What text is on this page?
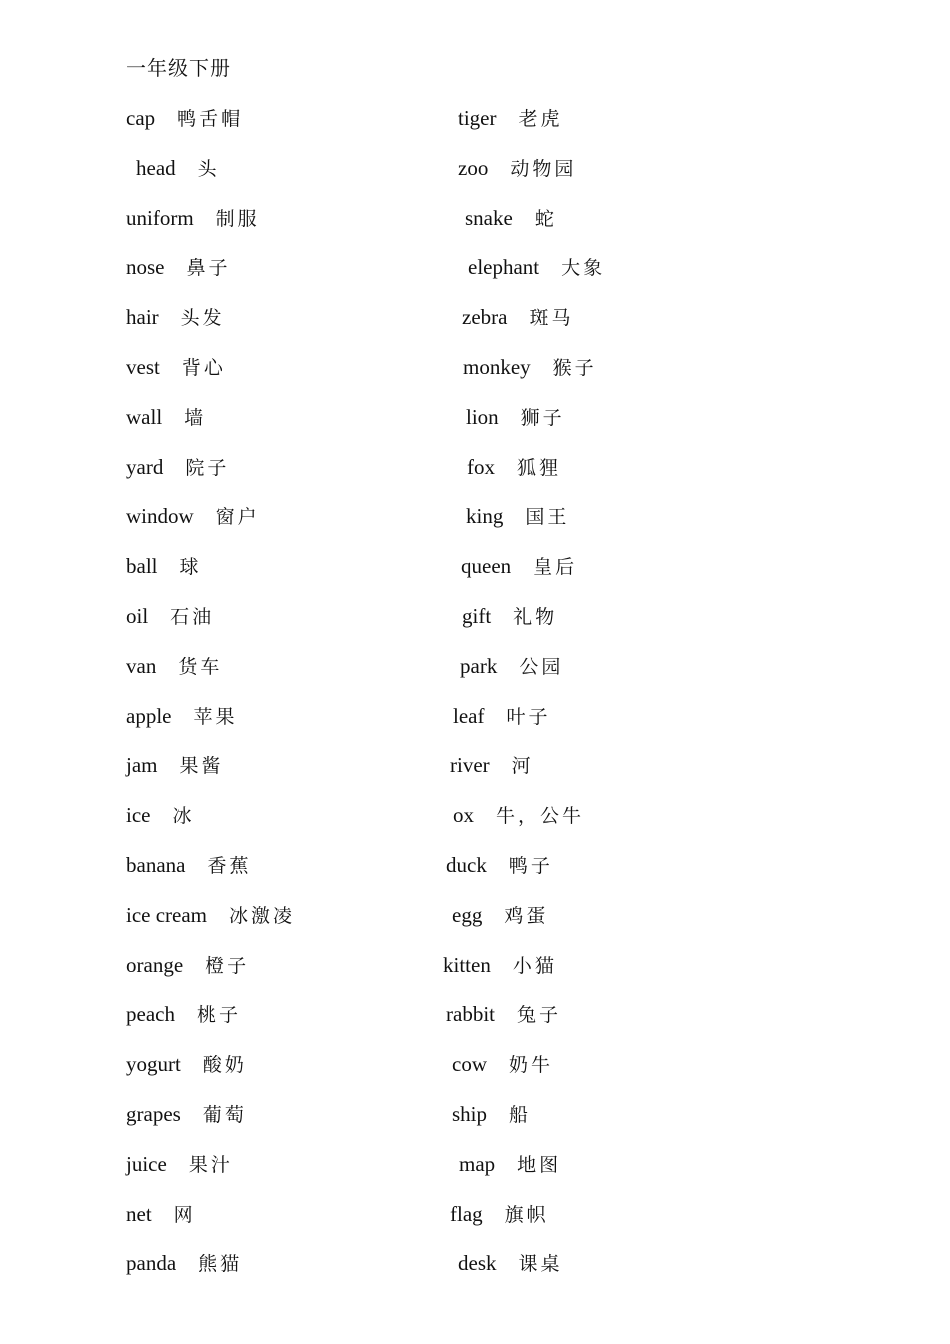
一年级下册
cap 鸭舌帽
head 头
uniform 制服
nose 鼻子
hair 头发
vest 背心
wall 墙
yard 院子
window 窗户
ball 球
oil 石油
van 货车
apple 苹果
jam 果酱
ice 冰
banana 香蕉
ice cream 冰激凌
orange 橙子
peach 桃子
yogurt 酸奶
grapes 葡萄
juice 果汁
net 网
panda 熊猫
tiger 老虎
zoo 动物园
snake 蛇
elephant 大象
zebra 斑马
monkey 猴子
lion 狮子
fox 狐狸
king 国王
queen 皇后
gift 礼物
park 公园
leaf 叶子
river 河
ox 牛，公牛
duck 鸭子
egg 鸡蛋
kitten 小猫
rabbit 兔子
cow 奶牛
ship 船
map 地图
flag 旗帜
desk 课桌
